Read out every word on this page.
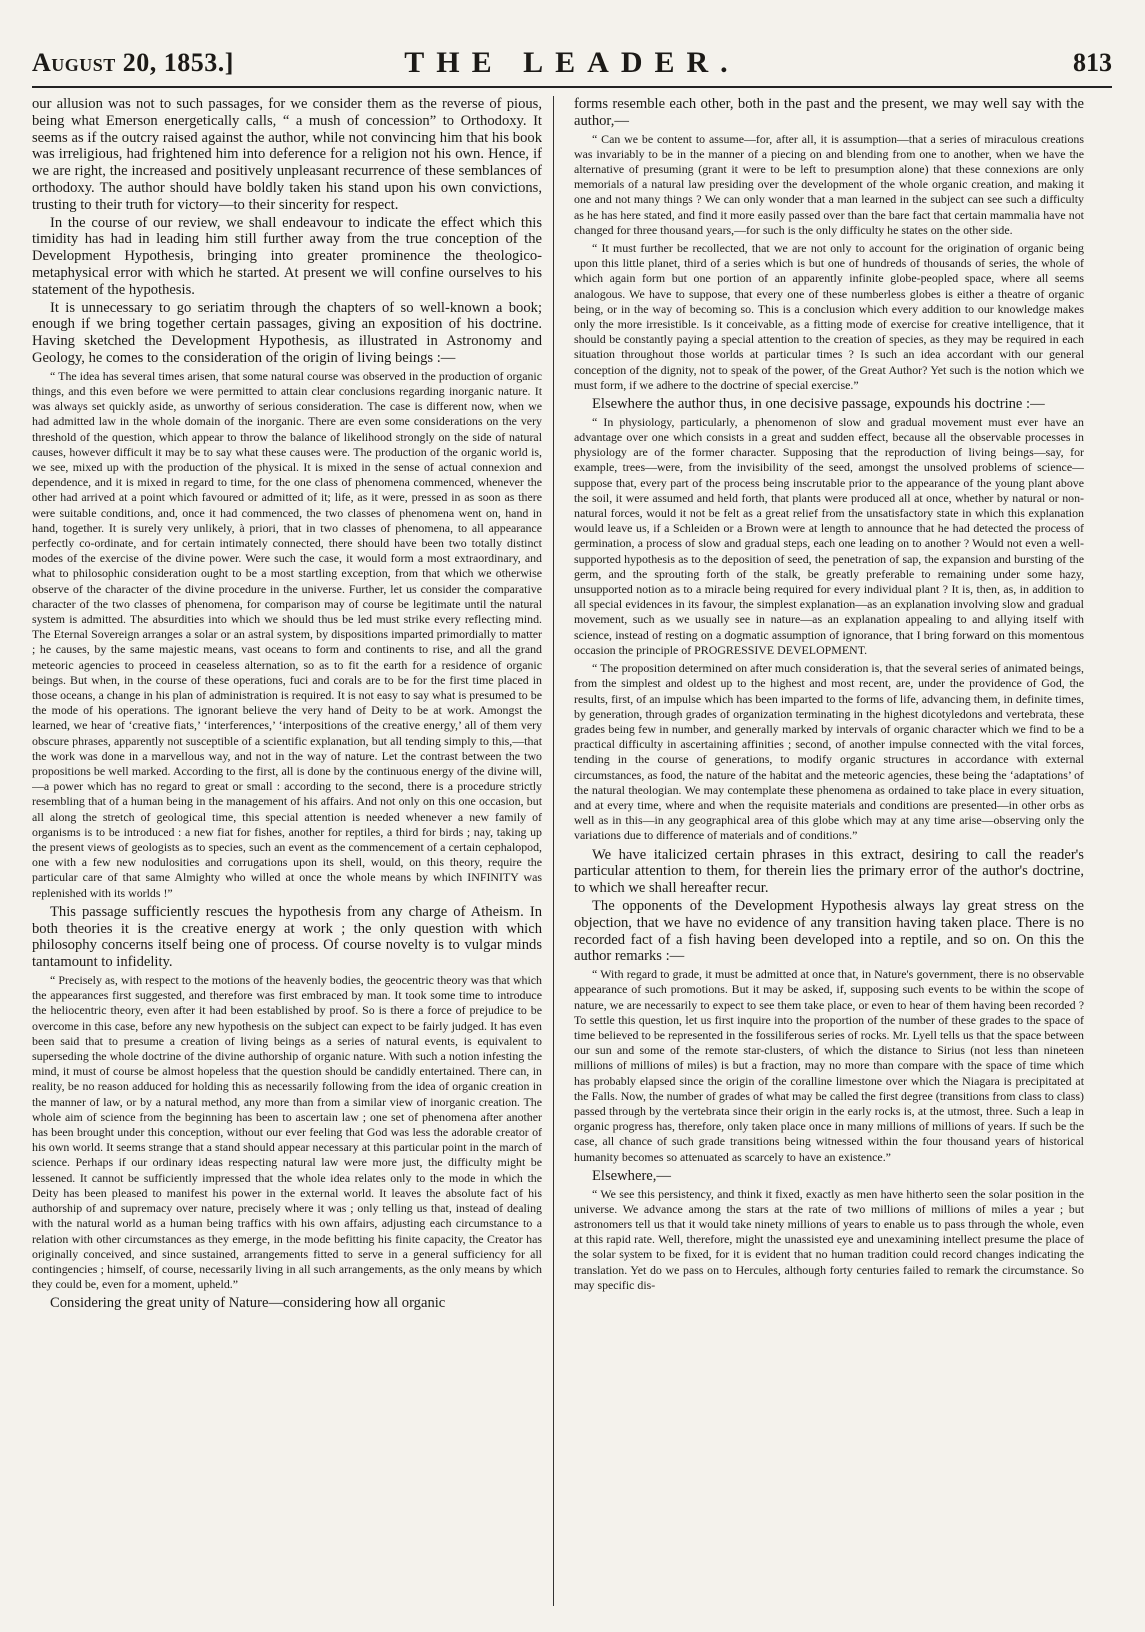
August 20, 1853.]	THE LEADER.	813

our allusion was not to such passages, for we consider them as the reverse of pious, being what Emerson energetically calls, “ a mush of concession” to Orthodoxy. It seems as if the outcry raised against the author, while not convincing him that his book was irreligious, had frightened him into deference for a religion not his own. Hence, if we are right, the increased and positively unpleasant recurrence of these semblances of orthodoxy. The author should have boldly taken his stand upon his own convictions, trusting to their truth for victory—to their sincerity for respect.

In the course of our review, we shall endeavour to indicate the effect which this timidity has had in leading him still further away from the true conception of the Development Hypothesis, bringing into greater prominence the theologico-metaphysical error with which he started. At present we will confine ourselves to his statement of the hypothesis.

It is unnecessary to go seriatim through the chapters of so well-known a book; enough if we bring together certain passages, giving an exposition of his doctrine. Having sketched the Development Hypothesis, as illustrated in Astronomy and Geology, he comes to the consideration of the origin of living beings :—

“ The idea has several times arisen, that some natural course was observed in the production of organic things, and this even before we were permitted to attain clear conclusions regarding inorganic nature. It was always set quickly aside, as unworthy of serious consideration. The case is different now, when we had admitted law in the whole domain of the inorganic. There are even some considerations on the very threshold of the question, which appear to throw the balance of likelihood strongly on the side of natural causes, however difficult it may be to say what these causes were. The production of the organic world is, we see, mixed up with the production of the physical. It is mixed in the sense of actual connexion and dependence, and it is mixed in regard to time, for the one class of phenomena commenced, whenever the other had arrived at a point which favoured or admitted of it; life, as it were, pressed in as soon as there were suitable conditions, and, once it had commenced, the two classes of phenomena went on, hand in hand, together. It is surely very unlikely, à priori, that in two classes of phenomena, to all appearance perfectly co-ordinate, and for certain intimately connected, there should have been two totally distinct modes of the exercise of the divine power. Were such the case, it would form a most extraordinary, and what to philosophic consideration ought to be a most startling exception, from that which we otherwise observe of the character of the divine procedure in the universe. Further, let us consider the comparative character of the two classes of phenomena, for comparison may of course be legitimate until the natural system is admitted. The absurdities into which we should thus be led must strike every reflecting mind. The Eternal Sovereign arranges a solar or an astral system, by dispositions imparted primordially to matter ; he causes, by the same majestic means, vast oceans to form and continents to rise, and all the grand meteoric agencies to proceed in ceaseless alternation, so as to fit the earth for a residence of organic beings. But when, in the course of these operations, fuci and corals are to be for the first time placed in those oceans, a change in his plan of administration is required. It is not easy to say what is presumed to be the mode of his operations. The ignorant believe the very hand of Deity to be at work. Amongst the learned, we hear of ‘creative fiats,’ ‘interferences,’ ‘interpositions of the creative energy,’ all of them very obscure phrases, apparently not susceptible of a scientific explanation, but all tending simply to this,—that the work was done in a marvellous way, and not in the way of nature. Let the contrast between the two propositions be well marked. According to the first, all is done by the continuous energy of the divine will,—a power which has no regard to great or small : according to the second, there is a procedure strictly resembling that of a human being in the management of his affairs. And not only on this one occasion, but all along the stretch of geological time, this special attention is needed whenever a new family of organisms is to be introduced : a new fiat for fishes, another for reptiles, a third for birds ; nay, taking up the present views of geologists as to species, such an event as the commencement of a certain cephalopod, one with a few new nodulosities and corrugations upon its shell, would, on this theory, require the particular care of that same Almighty who willed at once the whole means by which INFINITY was replenished with its worlds !”

This passage sufficiently rescues the hypothesis from any charge of Atheism. In both theories it is the creative energy at work ; the only question with which philosophy concerns itself being one of process. Of course novelty is to vulgar minds tantamount to infidelity.

“ Precisely as, with respect to the motions of the heavenly bodies, the geocentric theory was that which the appearances first suggested, and therefore was first embraced by man. It took some time to introduce the heliocentric theory, even after it had been established by proof. So is there a force of prejudice to be overcome in this case, before any new hypothesis on the subject can expect to be fairly judged. It has even been said that to presume a creation of living beings as a series of natural events, is equivalent to superseding the whole doctrine of the divine authorship of organic nature. With such a notion infesting the mind, it must of course be almost hopeless that the question should be candidly entertained. There can, in reality, be no reason adduced for holding this as necessarily following from the idea of organic creation in the manner of law, or by a natural method, any more than from a similar view of inorganic creation. The whole aim of science from the beginning has been to ascertain law ; one set of phenomena after another has been brought under this conception, without our ever feeling that God was less the adorable creator of his own world. It seems strange that a stand should appear necessary at this particular point in the march of science. Perhaps if our ordinary ideas respecting natural law were more just, the difficulty might be lessened. It cannot be sufficiently impressed that the whole idea relates only to the mode in which the Deity has been pleased to manifest his power in the external world. It leaves the absolute fact of his authorship of and supremacy over nature, precisely where it was ; only telling us that, instead of dealing with the natural world as a human being traffics with his own affairs, adjusting each circumstance to a relation with other circumstances as they emerge, in the mode befitting his finite capacity, the Creator has originally conceived, and since sustained, arrangements fitted to serve in a general sufficiency for all contingencies ; himself, of course, necessarily living in all such arrangements, as the only means by which they could be, even for a moment, upheld.”

Considering the great unity of Nature—considering how all organic

forms resemble each other, both in the past and the present, we may well say with the author,—

“ Can we be content to assume—for, after all, it is assumption—that a series of miraculous creations was invariably to be in the manner of a piecing on and blending from one to another, when we have the alternative of presuming (grant it were to be left to presumption alone) that these connexions are only memorials of a natural law presiding over the development of the whole organic creation, and making it one and not many things ? We can only wonder that a man learned in the subject can see such a difficulty as he has here stated, and find it more easily passed over than the bare fact that certain mammalia have not changed for three thousand years,—for such is the only difficulty he states on the other side.

“ It must further be recollected, that we are not only to account for the origination of organic being upon this little planet, third of a series which is but one of hundreds of thousands of series, the whole of which again form but one portion of an apparently infinite globe-peopled space, where all seems analogous. We have to suppose, that every one of these numberless globes is either a theatre of organic being, or in the way of becoming so. This is a conclusion which every addition to our knowledge makes only the more irresistible. Is it conceivable, as a fitting mode of exercise for creative intelligence, that it should be constantly paying a special attention to the creation of species, as they may be required in each situation throughout those worlds at particular times ? Is such an idea accordant with our general conception of the dignity, not to speak of the power, of the Great Author? Yet such is the notion which we must form, if we adhere to the doctrine of special exercise.”

Elsewhere the author thus, in one decisive passage, expounds his doctrine :—

“ In physiology, particularly, a phenomenon of slow and gradual movement must ever have an advantage over one which consists in a great and sudden effect, because all the observable processes in physiology are of the former character. Supposing that the reproduction of living beings—say, for example, trees—were, from the invisibility of the seed, amongst the unsolved problems of science—suppose that, every part of the process being inscrutable prior to the appearance of the young plant above the soil, it were assumed and held forth, that plants were produced all at once, whether by natural or non-natural forces, would it not be felt as a great relief from the unsatisfactory state in which this explanation would leave us, if a Schleiden or a Brown were at length to announce that he had detected the process of germination, a process of slow and gradual steps, each one leading on to another ? Would not even a well-supported hypothesis as to the deposition of seed, the penetration of sap, the expansion and bursting of the germ, and the sprouting forth of the stalk, be greatly preferable to remaining under some hazy, unsupported notion as to a miracle being required for every individual plant ? It is, then, as, in addition to all special evidences in its favour, the simplest explanation—as an explanation involving slow and gradual movement, such as we usually see in nature—as an explanation appealing to and allying itself with science, instead of resting on a dogmatic assumption of ignorance, that I bring forward on this momentous occasion the principle of PROGRESSIVE DEVELOPMENT.

“ The proposition determined on after much consideration is, that the several series of animated beings, from the simplest and oldest up to the highest and most recent, are, under the providence of God, the results, first, of an impulse which has been imparted to the forms of life, advancing them, in definite times, by generation, through grades of organization terminating in the highest dicotyledons and vertebrata, these grades being few in number, and generally marked by intervals of organic character which we find to be a practical difficulty in ascertaining affinities ; second, of another impulse connected with the vital forces, tending in the course of generations, to modify organic structures in accordance with external circumstances, as food, the nature of the habitat and the meteoric agencies, these being the ‘adaptations’ of the natural theologian. We may contemplate these phenomena as ordained to take place in every situation, and at every time, where and when the requisite materials and conditions are presented—in other orbs as well as in this—in any geographical area of this globe which may at any time arise—observing only the variations due to difference of materials and of conditions.”

We have italicized certain phrases in this extract, desiring to call the reader's particular attention to them, for therein lies the primary error of the author's doctrine, to which we shall hereafter recur.

The opponents of the Development Hypothesis always lay great stress on the objection, that we have no evidence of any transition having taken place. There is no recorded fact of a fish having been developed into a reptile, and so on. On this the author remarks :—

“ With regard to grade, it must be admitted at once that, in Nature's government, there is no observable appearance of such promotions. But it may be asked, if, supposing such events to be within the scope of nature, we are necessarily to expect to see them take place, or even to hear of them having been recorded ? To settle this question, let us first inquire into the proportion of the number of these grades to the space of time believed to be represented in the fossiliferous series of rocks. Mr. Lyell tells us that the space between our sun and some of the remote star-clusters, of which the distance to Sirius (not less than nineteen millions of millions of miles) is but a fraction, may no more than compare with the space of time which has probably elapsed since the origin of the coralline limestone over which the Niagara is precipitated at the Falls. Now, the number of grades of what may be called the first degree (transitions from class to class) passed through by the vertebrata since their origin in the early rocks is, at the utmost, three. Such a leap in organic progress has, therefore, only taken place once in many millions of millions of years. If such be the case, all chance of such grade transitions being witnessed within the four thousand years of historical humanity becomes so attenuated as scarcely to have an existence.”

Elsewhere,—

“ We see this persistency, and think it fixed, exactly as men have hitherto seen the solar position in the universe. We advance among the stars at the rate of two millions of millions of miles a year ; but astronomers tell us that it would take ninety millions of years to enable us to pass through the whole, even at this rapid rate. Well, therefore, might the unassisted eye and unexamining intellect presume the place of the solar system to be fixed, for it is evident that no human tradition could record changes indicating the translation. Yet do we pass on to Hercules, although forty centuries failed to remark the circumstance. So may specific dis-
